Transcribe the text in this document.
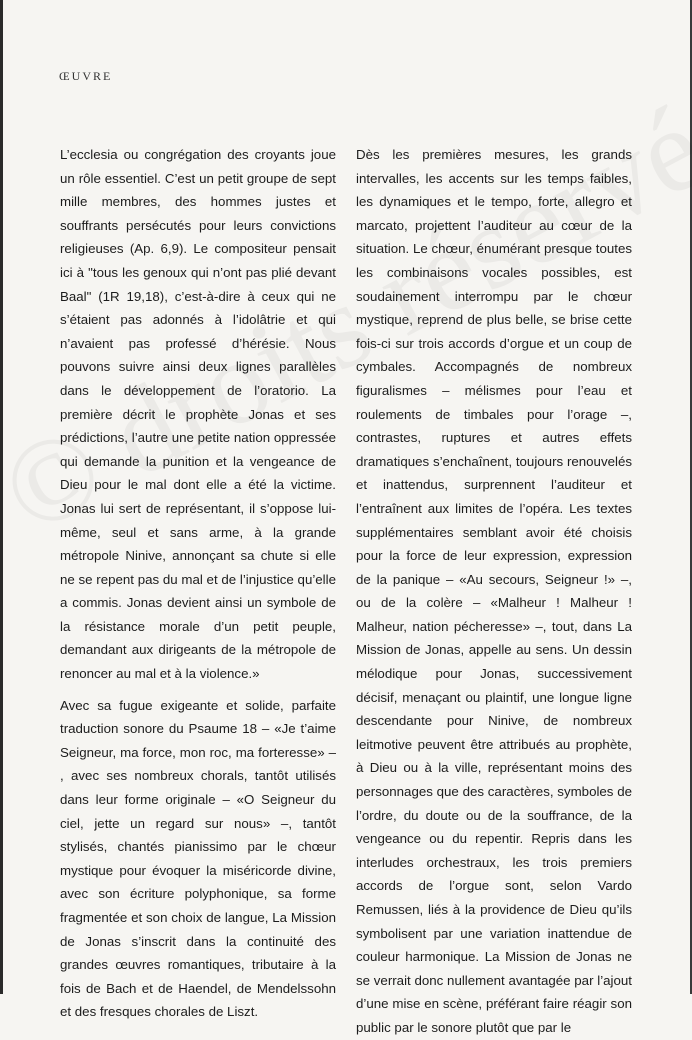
ŒUVRE

L’ecclesia ou congrégation des croyants joue un rôle essentiel. C’est un petit groupe de sept mille membres, des hommes justes et souffrants persécutés pour leurs convictions religieuses (Ap. 6,9). Le compositeur pensait ici à "tous les genoux qui n’ont pas plié devant Baal" (1R 19,18), c’est-à-dire à ceux qui ne s’étaient pas adonnés à l’idolâtrie et qui n’avaient pas professé d’hérésie. Nous pouvons suivre ainsi deux lignes parallèles dans le développement de l’oratorio. La première décrit le prophète Jonas et ses prédictions, l’autre une petite nation oppressée qui demande la punition et la vengeance de Dieu pour le mal dont elle a été la victime. Jonas lui sert de représentant, il s’oppose lui-même, seul et sans arme, à la grande métropole Ninive, annonçant sa chute si elle ne se repent pas du mal et de l’injustice qu’elle a commis. Jonas devient ainsi un symbole de la résistance morale d’un petit peuple, demandant aux dirigeants de la métropole de renoncer au mal et à la violence.»

Avec sa fugue exigeante et solide, parfaite traduction sonore du Psaume 18 – «Je t’aime Seigneur, ma force, mon roc, ma forteresse» – , avec ses nombreux chorals, tantôt utilisés dans leur forme originale – «O Seigneur du ciel, jette un regard sur nous» –, tantôt stylisés, chantés pianissimo par le chœur mystique pour évoquer la miséricorde divine, avec son écriture polyphonique, sa forme fragmentée et son choix de langue, La Mission de Jonas s’inscrit dans la continuité des grandes œuvres romantiques, tributaire à la fois de Bach et de Haendel, de Mendelssohn et des fresques chorales de Liszt.

Dès les premières mesures, les grands intervalles, les accents sur les temps faibles, les dynamiques et le tempo, forte, allegro et marcato, projettent l’auditeur au cœur de la situation. Le chœur, énumérant presque toutes les combinaisons vocales possibles, est soudainement interrompu par le chœur mystique, reprend de plus belle, se brise cette fois-ci sur trois accords d’orgue et un coup de cymbales. Accompagnés de nombreux figuralismes – mélismes pour l’eau et roulements de timbales pour l’orage –, contrastes, ruptures et autres effets dramatiques s’enchaînent, toujours renouvelés et inattendus, surprennent l’auditeur et l’entraînent aux limites de l’opéra. Les textes supplémentaires semblant avoir été choisis pour la force de leur expression, expression de la panique – «Au secours, Seigneur !» –, ou de la colère – «Malheur ! Malheur ! Malheur, nation pécheresse» –, tout, dans La Mission de Jonas, appelle au sens. Un dessin mélodique pour Jonas, successivement décisif, menaçant ou plaintif, une longue ligne descendante pour Ninive, de nombreux leitmotive peuvent être attribués au prophète, à Dieu ou à la ville, représentant moins des personnages que des caractères, symboles de l’ordre, du doute ou de la souffrance, de la vengeance ou du repentir. Repris dans les interludes orchestraux, les trois premiers accords de l’orgue sont, selon Vardo Remussen, liés à la providence de Dieu qu’ils symbolisent par une variation inattendue de couleur harmonique. La Mission de Jonas ne se verrait donc nullement avantagée par l’ajout d’une mise en scène, préférant faire réagir son public par le sonore plutôt que par le
